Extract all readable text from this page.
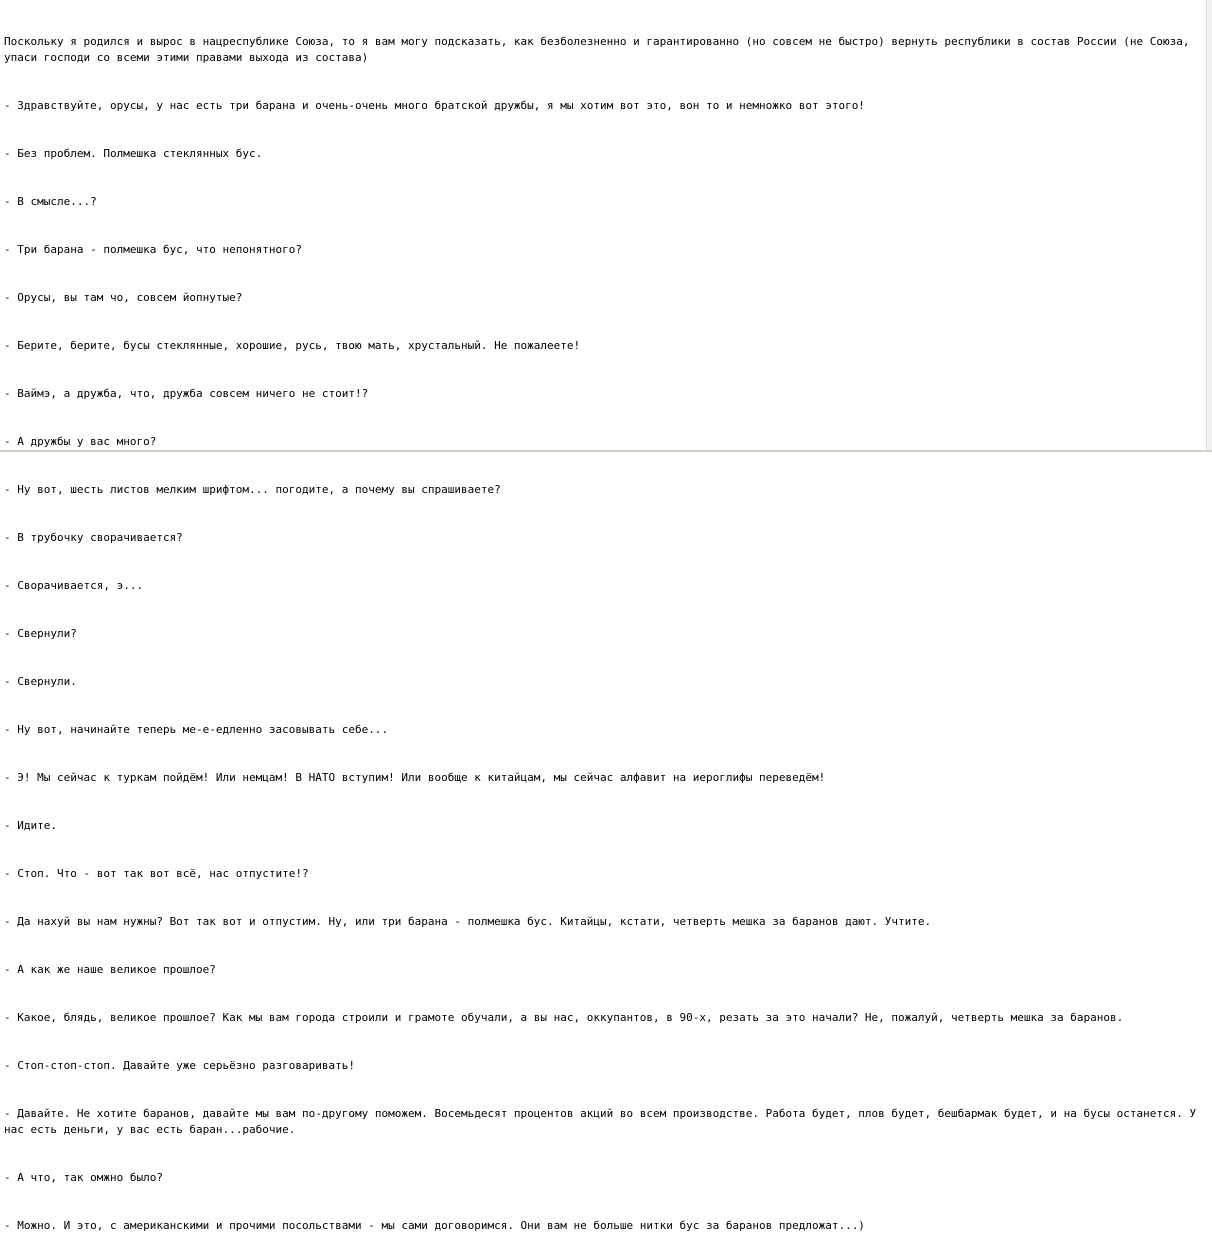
Поскольку я родился и вырос в нацреспублике Союза, то я вам могу подсказать, как безболезненно и гарантированно (но совсем не быстро) вернуть республики в состав России (не Союза, упаси господи со всеми этими правами выхода из состава)

- Здравствуйте, орусы, у нас есть три барана и очень-очень много братской дружбы, я мы хотим вот это, вон то и немножко вот этого!

- Без проблем. Полмешка стеклянных бус.

- В смысле...?

- Три барана - полмешка бус, что непонятного?

- Орусы, вы там чо, совсем йопнутые?

- Берите, берите, бусы стеклянные, хорошие, русь, твою мать, хрустальный. Не пожалеете!

- Ваймэ, а дружба, что, дружба совсем ничего не стоит!?

- А дружбы у вас много?

- Ну вот, шесть листов мелким шрифтом... погодите, а почему вы спрашиваете?

- В трубочку сворачивается?

- Сворачивается, э...

- Свернули?

- Свернули.

- Ну вот, начинайте теперь ме-е-едленно засовывать себе...

- Э! Мы сейчас к туркам пойдём! Или немцам! В НАТО вступим! Или вообще к китайцам, мы сейчас алфавит на иероглифы переведём!

- Идите.

- Стоп. Что - вот так вот всё, нас отпустите!?

- Да нахуй вы нам нужны? Вот так вот и отпустим. Ну, или три барана - полмешка бус. Китайцы, кстати, четверть мешка за баранов дают. Учтите.

- А как же наше великое прошлое?

- Какое, блядь, великое прошлое? Как мы вам города строили и грамоте обучали, а вы нас, оккупантов, в 90-х, резать за это начали? Не, пожалуй, четверть мешка за баранов.

- Стоп-стоп-стоп. Давайте уже серьёзно разговаривать!

- Давайте. Не хотите баранов, давайте мы вам по-другому поможем. Восемьдесят процентов акций во всем производстве. Работа будет, плов будет, бешбармак будет, и на бусы останется. У нас есть деньги, у вас есть баран...рабочие.

- А что, так омжно было?

- Можно. И это, с американскими и прочими посольствами - мы сами договоримся. Они вам не больше нитки бус за баранов предложат...)
